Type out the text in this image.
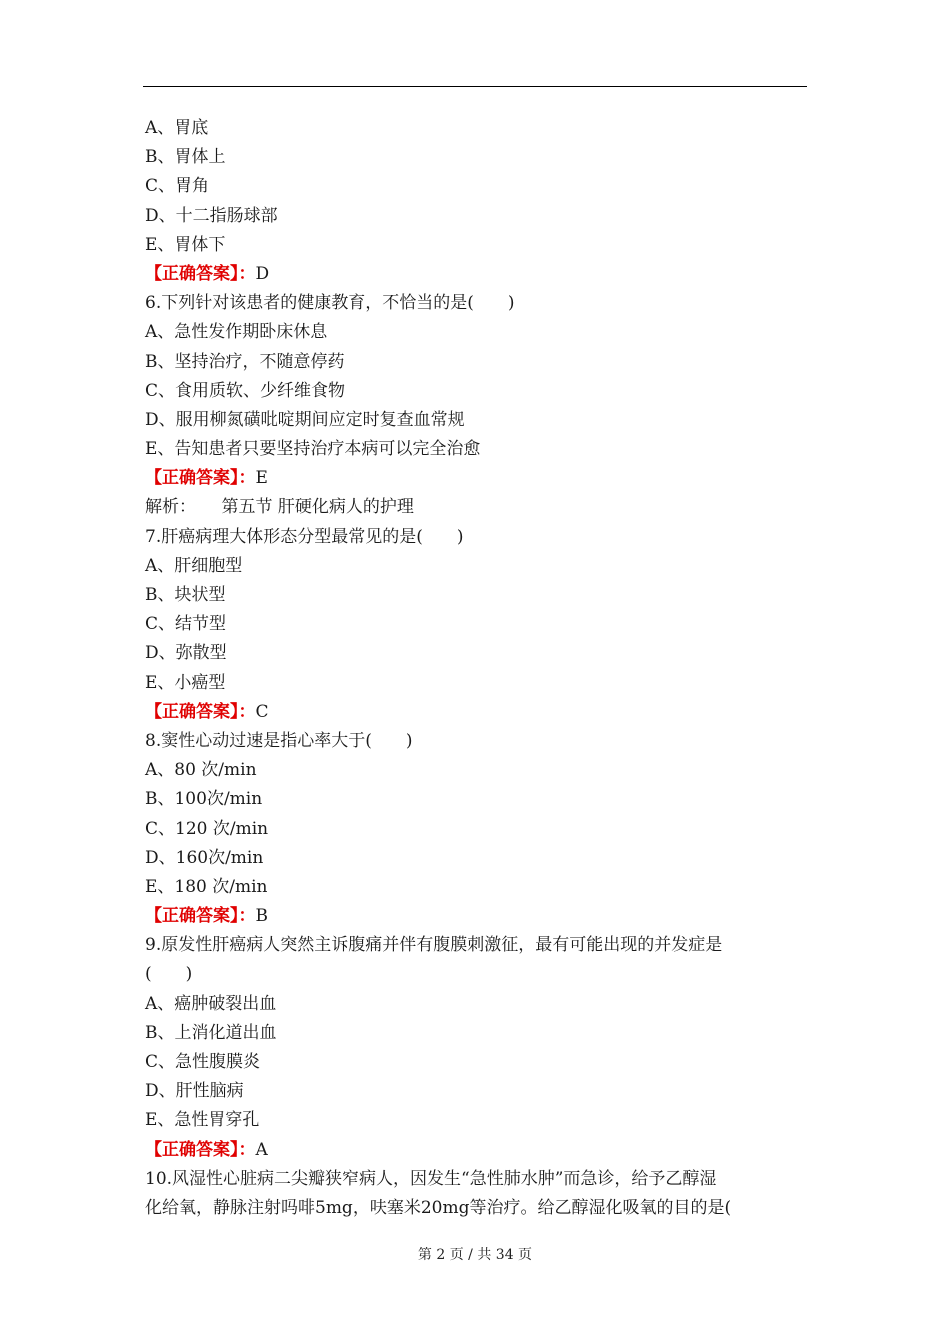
A、胃底
B、胃体上
C、胃角
D、十二指肠球部
E、胃体下
【正确答案】：D
6.下列针对该患者的健康教育，不恰当的是(　　)
A、急性发作期卧床休息
B、坚持治疗，不随意停药
C、食用质软、少纤维食物
D、服用柳氮磺吡啶期间应定时复查血常规
E、告知患者只要坚持治疗本病可以完全治愈
【正确答案】：E
解析：　　第五节 肝硬化病人的护理
7.肝癌病理大体形态分型最常见的是(　　)
A、肝细胞型
B、块状型
C、结节型
D、弥散型
E、小癌型
【正确答案】：C
8.窦性心动过速是指心率大于(　　)
A、80 次/min
B、100次/min
C、120 次/min
D、160次/min
E、180 次/min
【正确答案】：B
9.原发性肝癌病人突然主诉腹痛并伴有腹膜刺激征，最有可能出现的并发症是
(　　)
A、癌肿破裂出血
B、上消化道出血
C、急性腹膜炎
D、肝性脑病
E、急性胃穿孔
【正确答案】：A
10.风湿性心脏病二尖瓣狭窄病人，因发生“急性肺水肿”而急诊，给予乙醇湿
化给氧，静脉注射吗啡5mg，呋塞米20mg等治疗。给乙醇湿化吸氧的目的是(
第 2 页 / 共 34 页
